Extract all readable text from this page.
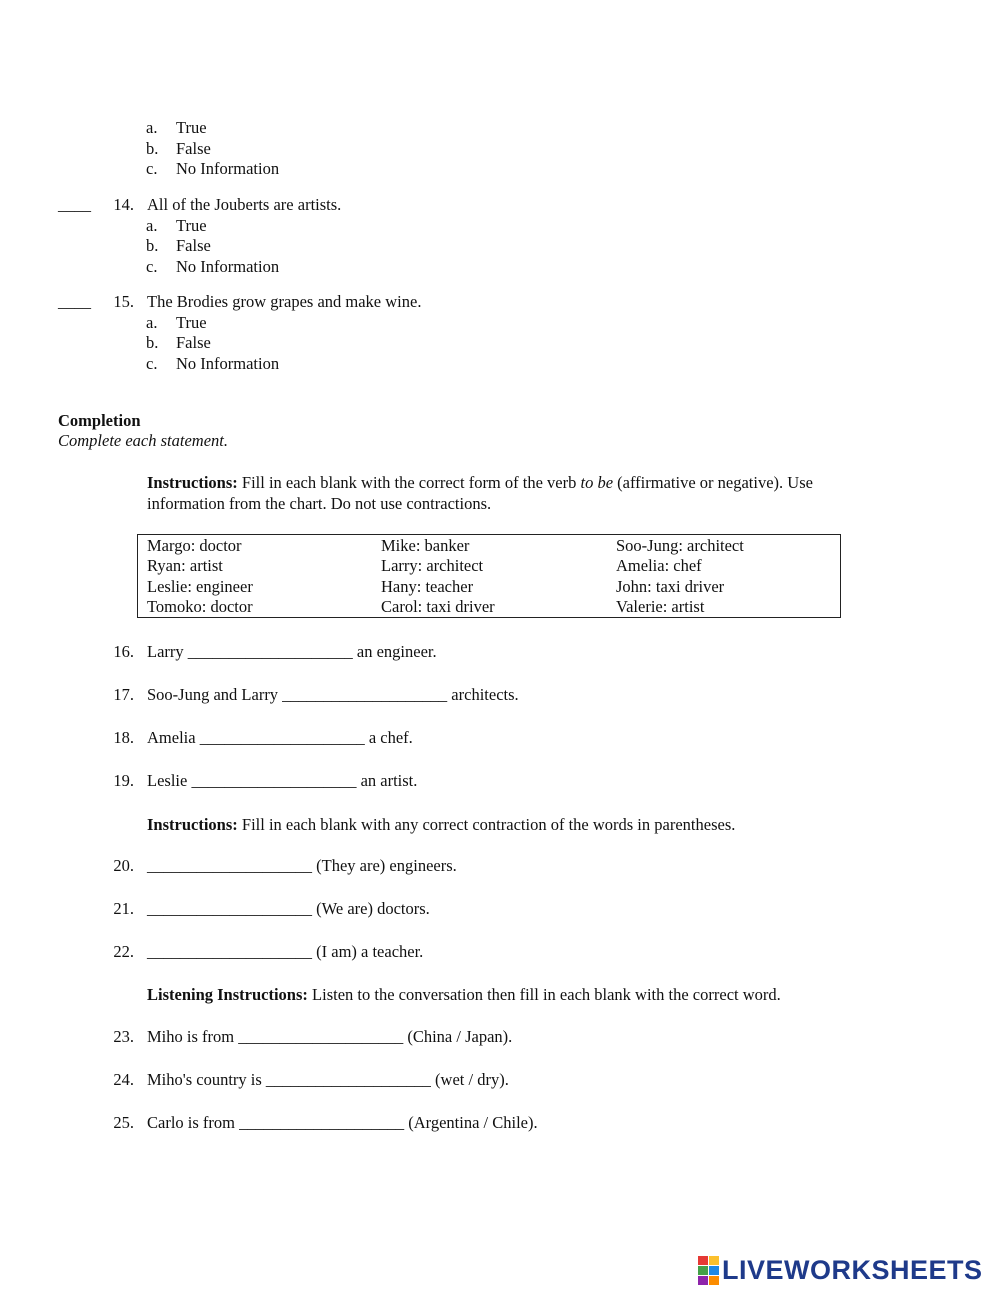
a. True
b. False
c. No Information
____	14. All of the Jouberts are artists.
a. True
b. False
c. No Information
____	15. The Brodies grow grapes and make wine.
a. True
b. False
c. No Information
Completion
Complete each statement.
Instructions: Fill in each blank with the correct form of the verb to be (affirmative or negative). Use information from the chart. Do not use contractions.
Margo: doctor	Mike: banker	Soo-Jung: architect
Ryan: artist	Larry: architect	Amelia: chef
Leslie: engineer	Hany: teacher	John: taxi driver
Tomoko: doctor	Carol: taxi driver	Valerie: artist
16. Larry ____________________ an engineer.
17. Soo-Jung and Larry ____________________ architects.
18. Amelia ____________________ a chef.
19. Leslie ____________________ an artist.
Instructions: Fill in each blank with any correct contraction of the words in parentheses.
20. ____________________ (They are) engineers.
21. ____________________ (We are) doctors.
22. ____________________ (I am) a teacher.
Listening Instructions: Listen to the conversation then fill in each blank with the correct word.
23. Miho is from ____________________ (China / Japan).
24. Miho's country is ____________________ (wet / dry).
25. Carlo is from ____________________ (Argentina / Chile).
LIVEWORKSHEETS
